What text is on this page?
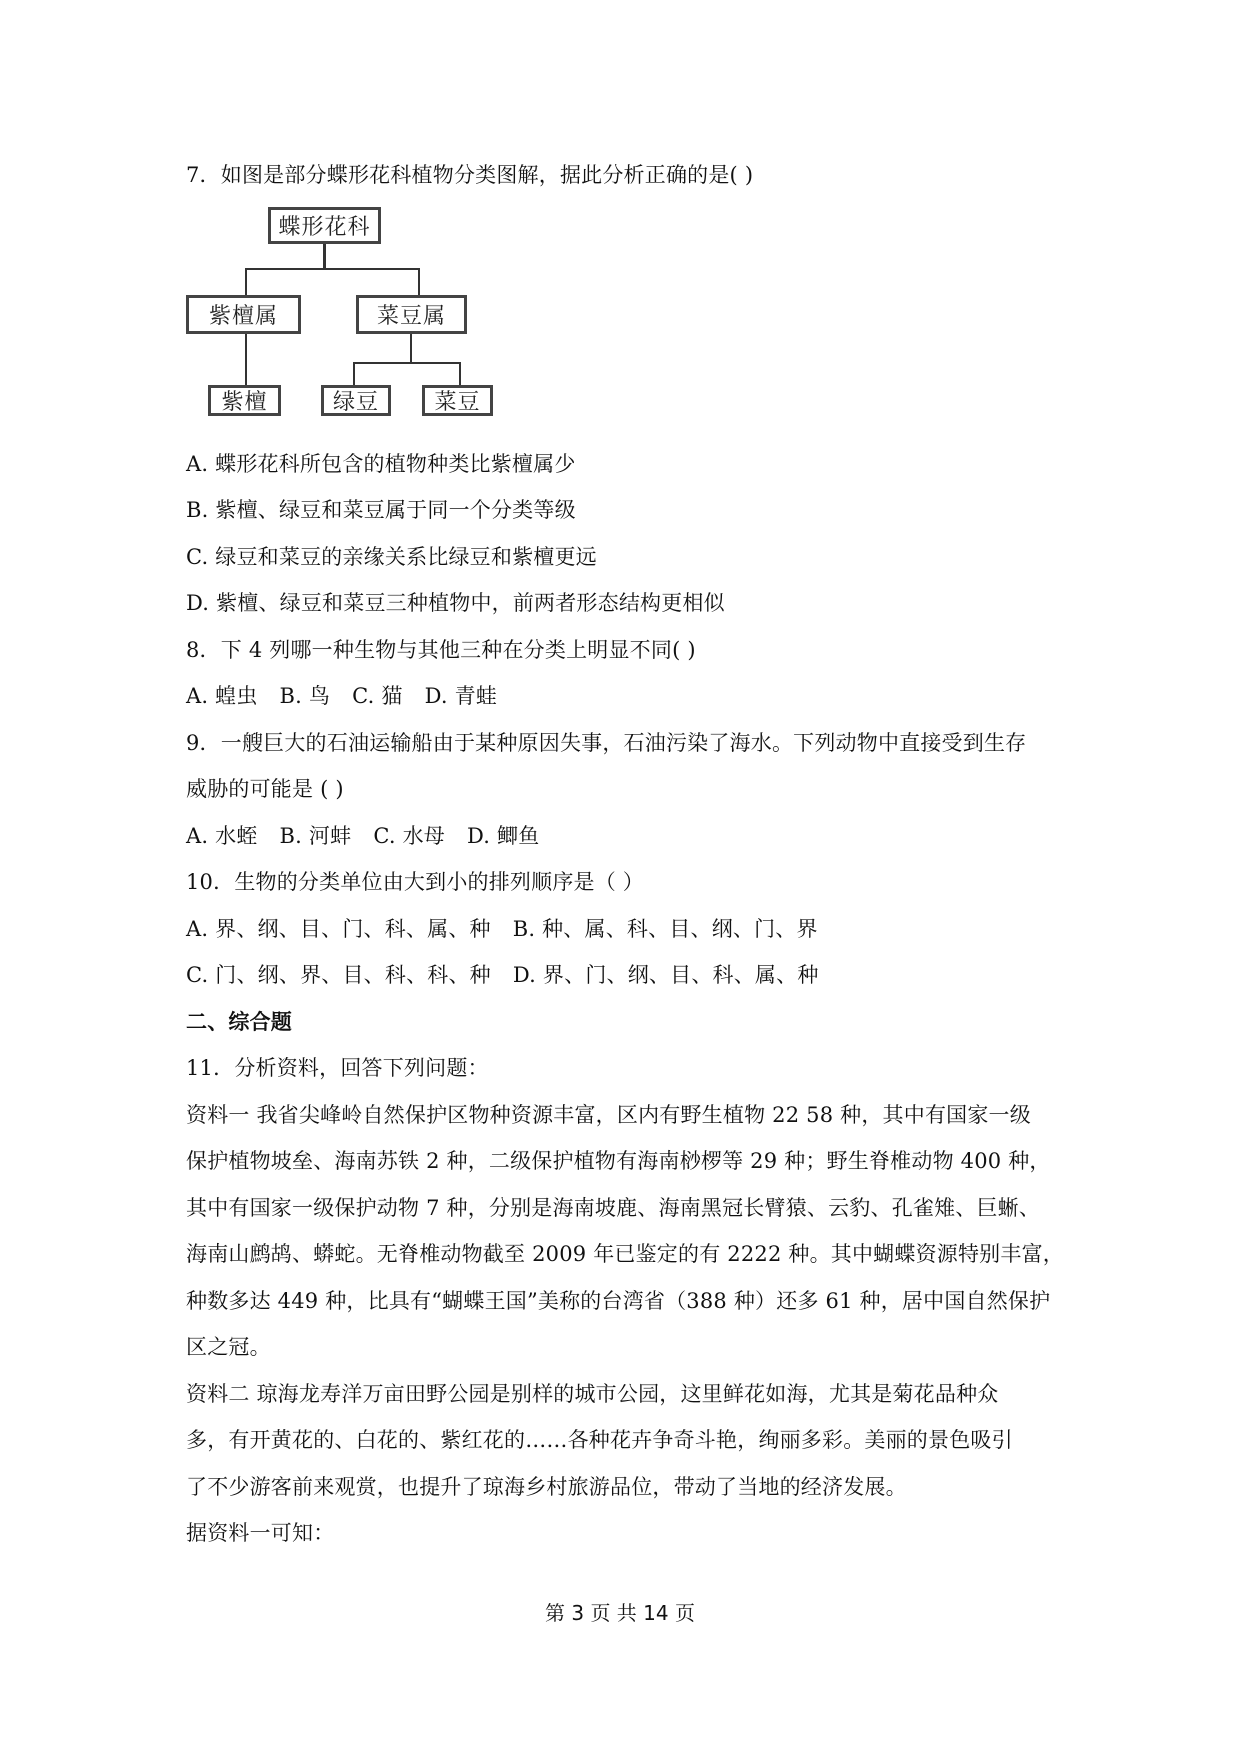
7．如图是部分蝶形花科植物分类图解，据此分析正确的是( )
蝶形花科
紫檀属	菜豆属
紫檀	绿豆	菜豆
A. 蝶形花科所包含的植物种类比紫檀属少
B. 紫檀、绿豆和菜豆属于同一个分类等级
C. 绿豆和菜豆的亲缘关系比绿豆和紫檀更远
D. 紫檀、绿豆和菜豆三种植物中，前两者形态结构更相似
8．下 4 列哪一种生物与其他三种在分类上明显不同( )
A. 蝗虫 B. 鸟 C. 猫 D. 青蛙
9．一艘巨大的石油运输船由于某种原因失事，石油污染了海水。下列动物中直接受到生存
威胁的可能是 ( )
A. 水蛭 B. 河蚌 C. 水母 D. 鲫鱼
10．生物的分类单位由大到小的排列顺序是（ ）
A. 界、纲、目、门、科、属、种 B. 种、属、科、目、纲、门、界
C. 门、纲、界、目、科、科、种 D. 界、门、纲、目、科、属、种
二、综合题
11．分析资料，回答下列问题：
资料一 我省尖峰岭自然保护区物种资源丰富，区内有野生植物 22 58 种，其中有国家一级
保护植物坡垒、海南苏铁 2 种，二级保护植物有海南桫椤等 29 种；野生脊椎动物 400 种，
其中有国家一级保护动物 7 种，分别是海南坡鹿、海南黑冠长臂猿、云豹、孔雀雉、巨蜥、
海南山鹧鸪、蟒蛇。无脊椎动物截至 2009 年已鉴定的有 2222 种。其中蝴蝶资源特别丰富，
种数多达 449 种，比具有“蝴蝶王国”美称的台湾省（388 种）还多 61 种，居中国自然保护
区之冠。
资料二 琼海龙寿洋万亩田野公园是别样的城市公园，这里鲜花如海，尤其是菊花品种众
多，有开黄花的、白花的、紫红花的……各种花卉争奇斗艳，绚丽多彩。美丽的景色吸引
了不少游客前来观赏，也提升了琼海乡村旅游品位，带动了当地的经济发展。
据资料一可知：
第 3 页 共 14 页
